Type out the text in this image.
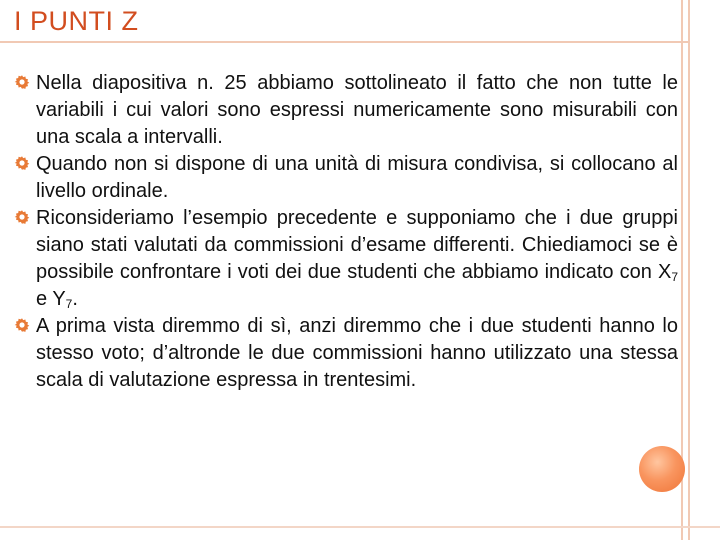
I PUNTI Z
Nella diapositiva n. 25 abbiamo sottolineato il fatto che non tutte le variabili i cui valori sono espressi numericamente sono misurabili con una scala a intervalli.
Quando non si dispone di una unità di misura condivisa, si collocano al livello ordinale.
Riconsideriamo l’esempio precedente e supponiamo che i due gruppi siano stati valutati da commissioni d’esame differenti. Chiediamoci se è possibile confrontare i voti dei due studenti che abbiamo indicato con $X_7$ e $Y_7$.
A prima vista diremmo di sì, anzi diremmo che i due studenti hanno lo stesso voto; d’altronde le due commissioni hanno utilizzato una stessa scala di valutazione espressa in trentesimi.
